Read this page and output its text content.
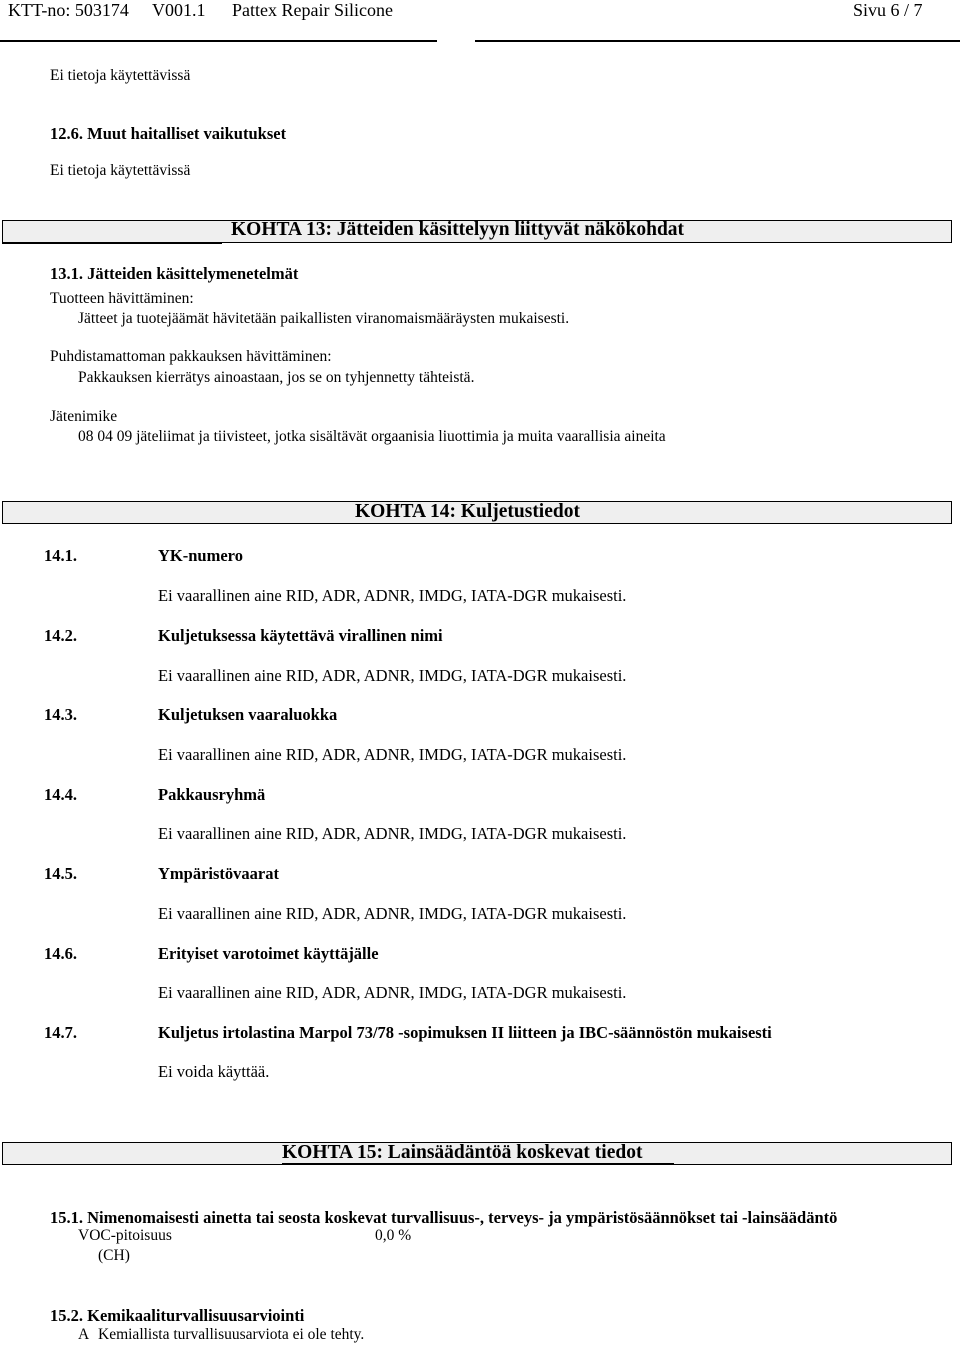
KTT-no: 503174 V001.1 Pattex Repair Silicone	Sivu 6 / 7
Ei tietoja käytettävissä
12.6. Muut haitalliset vaikutukset
Ei tietoja käytettävissä
KOHTA 13: Jätteiden käsittelyyn liittyvät näkökohdat
13.1. Jätteiden käsittelymenetelmät
Tuotteen hävittäminen:
Jätteet ja tuotejäämät hävitetään paikallisten viranomaismääräysten mukaisesti.
Puhdistamattoman pakkauksen hävittäminen:
Pakkauksen kierrätys ainoastaan, jos se on tyhjennetty tähteistä.
Jätenimike
08 04 09 jäteliimat ja tiivisteet, jotka sisältävät orgaanisia liuottimia ja muita vaarallisia aineita
KOHTA 14: Kuljetustiedot
14.1.	YK-numero
Ei vaarallinen aine RID, ADR, ADNR, IMDG, IATA-DGR mukaisesti.
14.2.	Kuljetuksessa käytettävä virallinen nimi
Ei vaarallinen aine RID, ADR, ADNR, IMDG, IATA-DGR mukaisesti.
14.3.	Kuljetuksen vaaraluokka
Ei vaarallinen aine RID, ADR, ADNR, IMDG, IATA-DGR mukaisesti.
14.4.	Pakkausryhmä
Ei vaarallinen aine RID, ADR, ADNR, IMDG, IATA-DGR mukaisesti.
14.5.	Ympäristövaarat
Ei vaarallinen aine RID, ADR, ADNR, IMDG, IATA-DGR mukaisesti.
14.6.	Erityiset varotoimet käyttäjälle
Ei vaarallinen aine RID, ADR, ADNR, IMDG, IATA-DGR mukaisesti.
14.7.	Kuljetus irtolastina Marpol 73/78 -sopimuksen II liitteen ja IBC-säännöstön mukaisesti
Ei voida käyttää.
KOHTA 15: Lainsäädäntöä koskevat tiedot
15.1. Nimenomaisesti ainetta tai seosta koskevat turvallisuus-, terveys- ja ympäristösäännökset tai -lainsäädäntö
VOC-pitoisuus	0,0 %
(CH)
15.2. Kemikaaliturvallisuusarviointi
A Kemiallista turvallisuusarviota ei ole tehty.
